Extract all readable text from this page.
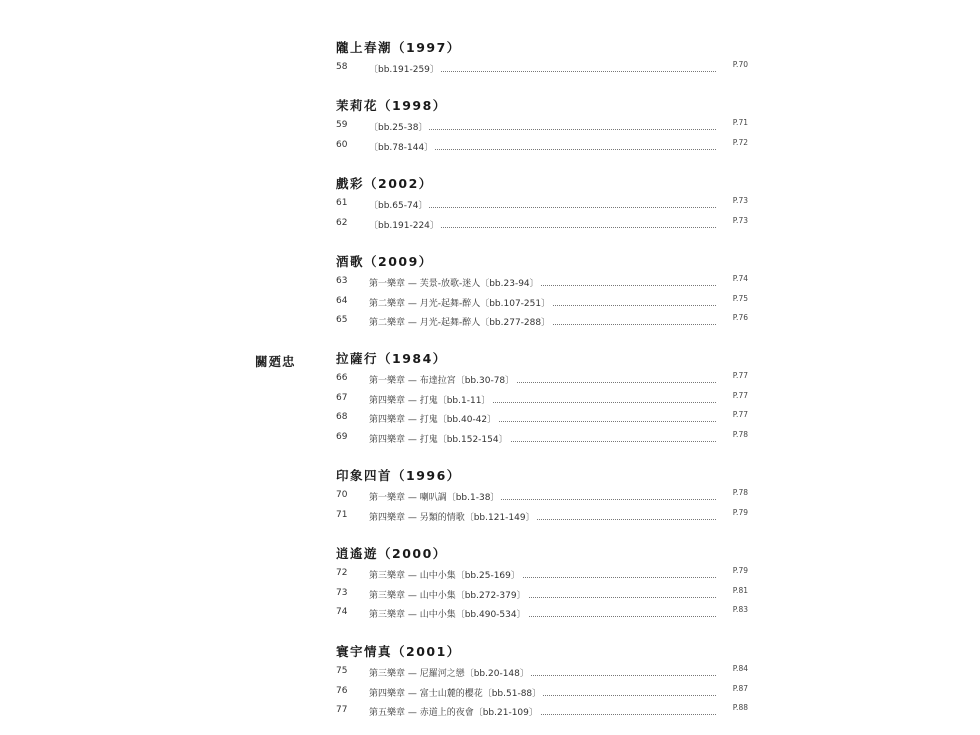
關廼忠
隴上春潮（1997）
58 〔bb.191-259〕
P.70
茉莉花（1998）
59 〔bb.25-38〕
P.71
60 〔bb.78-144〕
P.72
戲彩（2002）
61 〔bb.65-74〕
P.73
62 〔bb.191-224〕
P.73
酒歌（2009）
63 第一樂章 — 芙景-放歌-迷人〔bb.23-94〕
P.74
64 第二樂章 — 月光-起舞-醉人〔bb.107-251〕
P.75
65 第二樂章 — 月光-起舞-醉人〔bb.277-288〕
P.76
拉薩行（1984）
66 第一樂章 — 布達拉宮〔bb.30-78〕
P.77
67 第四樂章 — 打鬼〔bb.1-11〕
P.77
68 第四樂章 — 打鬼〔bb.40-42〕
P.77
69 第四樂章 — 打鬼〔bb.152-154〕
P.78
印象四首（1996）
70 第一樂章 — 喇叭調〔bb.1-38〕
P.78
71 第四樂章 — 另類的情歌〔bb.121-149〕
P.79
逍遙遊（2000）
72 第三樂章 — 山中小集〔bb.25-169〕
P.79
73 第三樂章 — 山中小集〔bb.272-379〕
P.81
74 第三樂章 — 山中小集〔bb.490-534〕
P.83
寰宇情真（2001）
75 第三樂章 — 尼羅河之戀〔bb.20-148〕
P.84
76 第四樂章 — 富士山麓的櫻花〔bb.51-88〕
P.87
77 第五樂章 — 赤道上的夜會〔bb.21-109〕
P.88
